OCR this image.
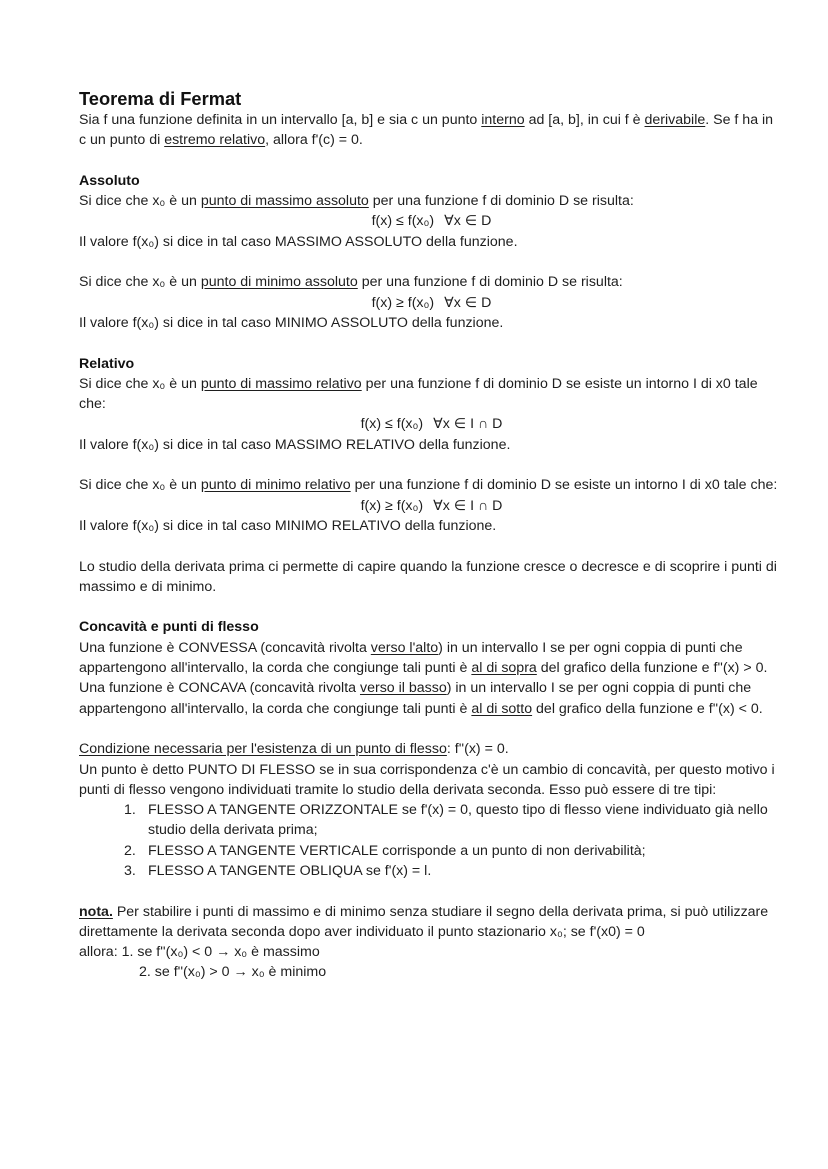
Teorema di Fermat

Sia f una funzione definita in un intervallo [a, b] e sia c un punto interno ad [a, b], in cui f è derivabile. Se f ha in c un punto di estremo relativo, allora f'(c) = 0.

Assoluto

Si dice che x₀ è un punto di massimo assoluto per una funzione f di dominio D se risulta:

f(x) ≤ f(x₀) ∀x ∈ D

Il valore f(x₀) si dice in tal caso MASSIMO ASSOLUTO della funzione.

Si dice che x₀ è un punto di minimo assoluto per una funzione f di dominio D se risulta:

f(x) ≥ f(x₀) ∀x ∈ D

Il valore f(x₀) si dice in tal caso MINIMO ASSOLUTO della funzione.

Relativo

Si dice che x₀ è un punto di massimo relativo per una funzione f di dominio D se esiste un intorno I di x0 tale che:

f(x) ≤ f(x₀) ∀x ∈ I ∩ D

Il valore f(x₀) si dice in tal caso MASSIMO RELATIVO della funzione.

Si dice che x₀ è un punto di minimo relativo per una funzione f di dominio D se esiste un intorno I di x0 tale che:

f(x) ≥ f(x₀) ∀x ∈ I ∩ D

Il valore f(x₀) si dice in tal caso MINIMO RELATIVO della funzione.

Lo studio della derivata prima ci permette di capire quando la funzione cresce o decresce e di scoprire i punti di massimo e di minimo.

Concavità e punti di flesso

Una funzione è CONVESSA (concavità rivolta verso l'alto) in un intervallo I se per ogni coppia di punti che appartengono all'intervallo, la corda che congiunge tali punti è al di sopra del grafico della funzione e f''(x) > 0.

Una funzione è CONCAVA (concavità rivolta verso il basso) in un intervallo I se per ogni coppia di punti che appartengono all'intervallo, la corda che congiunge tali punti è al di sotto del grafico della funzione e f''(x) < 0.

Condizione necessaria per l'esistenza di un punto di flesso: f''(x) = 0.

Un punto è detto PUNTO DI FLESSO se in sua corrispondenza c'è un cambio di concavità, per questo motivo i punti di flesso vengono individuati tramite lo studio della derivata seconda. Esso può essere di tre tipi:

1. FLESSO A TANGENTE ORIZZONTALE se f'(x) = 0, questo tipo di flesso viene individuato già nello studio della derivata prima;
2. FLESSO A TANGENTE VERTICALE corrisponde a un punto di non derivabilità;
3. FLESSO A TANGENTE OBLIQUA se f'(x) = l.

nota. Per stabilire i punti di massimo e di minimo senza studiare il segno della derivata prima, si può utilizzare direttamente la derivata seconda dopo aver individuato il punto stazionario x₀; se f'(x0) = 0

allora: 1. se f''(x₀) < 0 → x₀ è massimo

2. se f''(x₀) > 0 → x₀ è minimo
